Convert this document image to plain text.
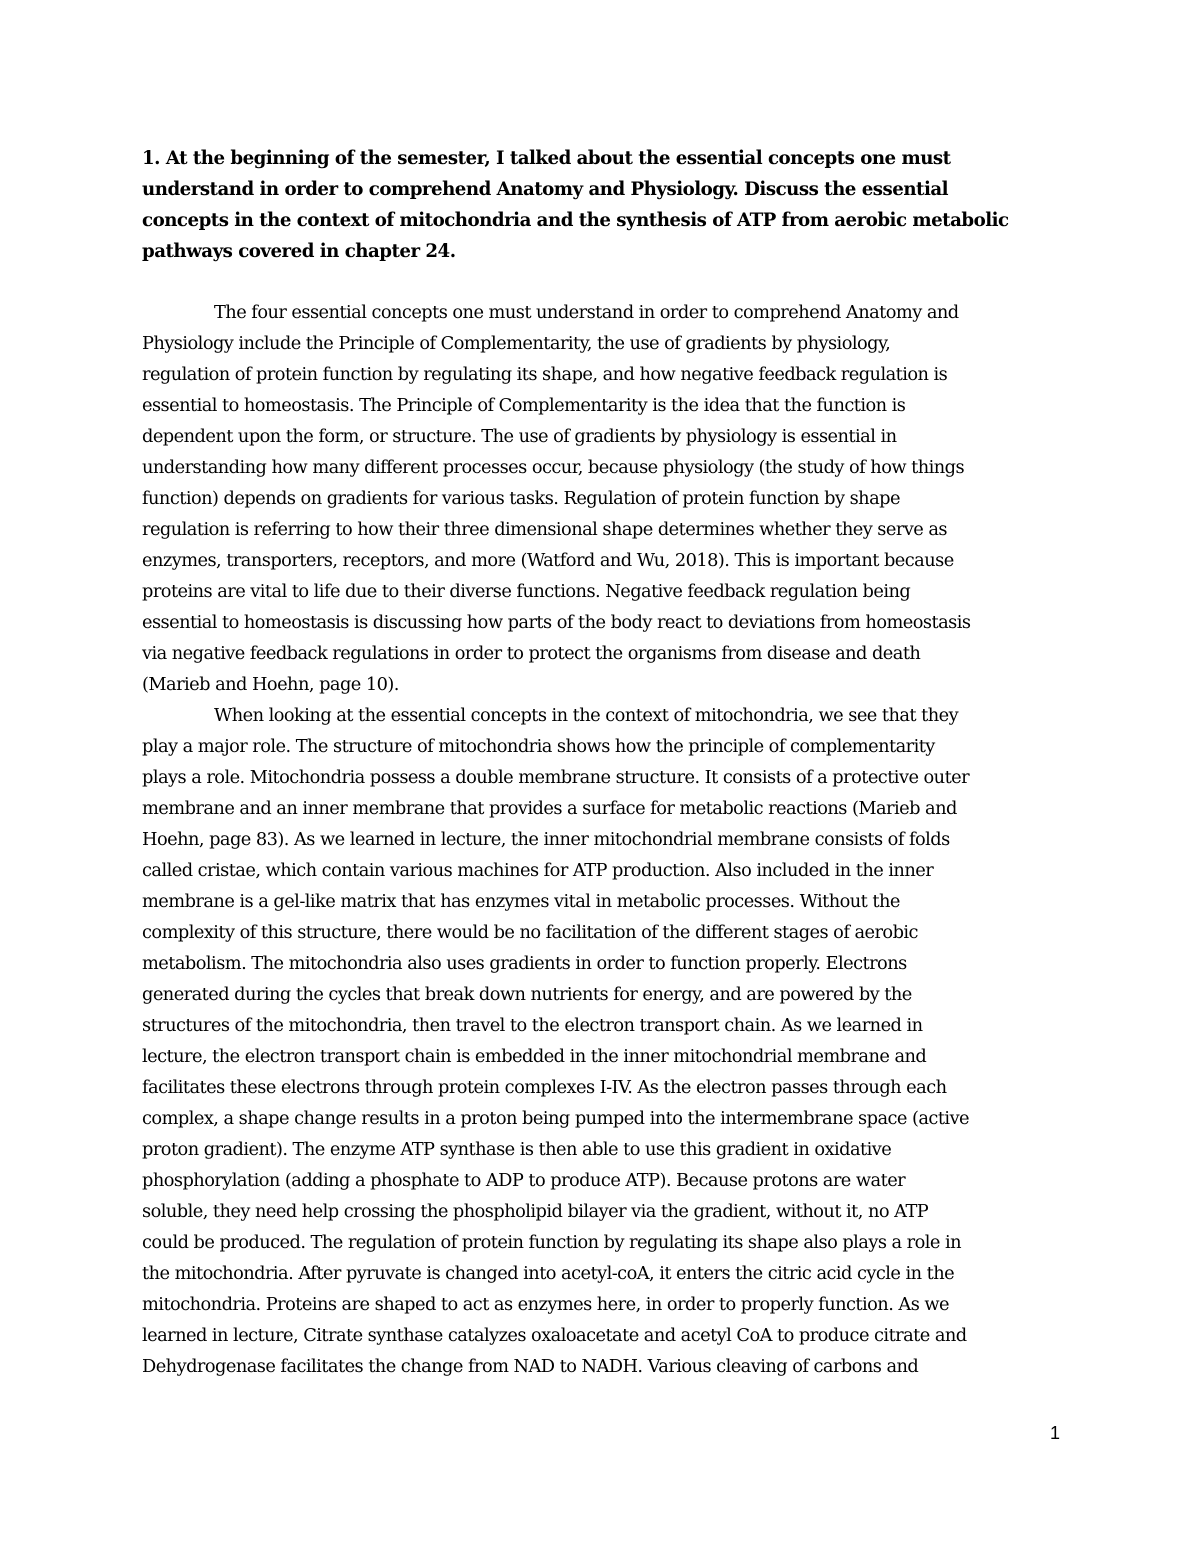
1. At the beginning of the semester, I talked about the essential concepts one must
understand in order to comprehend Anatomy and Physiology. Discuss the essential
concepts in the context of mitochondria and the synthesis of ATP from aerobic metabolic
pathways covered in chapter 24.
The four essential concepts one must understand in order to comprehend Anatomy and
Physiology include the Principle of Complementarity, the use of gradients by physiology,
regulation of protein function by regulating its shape, and how negative feedback regulation is
essential to homeostasis. The Principle of Complementarity is the idea that the function is
dependent upon the form, or structure. The use of gradients by physiology is essential in
understanding how many different processes occur, because physiology (the study of how things
function) depends on gradients for various tasks. Regulation of protein function by shape
regulation is referring to how their three dimensional shape determines whether they serve as
enzymes, transporters, receptors, and more (Watford and Wu, 2018). This is important because
proteins are vital to life due to their diverse functions. Negative feedback regulation being
essential to homeostasis is discussing how parts of the body react to deviations from homeostasis
via negative feedback regulations in order to protect the organisms from disease and death
(Marieb and Hoehn, page 10).
When looking at the essential concepts in the context of mitochondria, we see that they
play a major role. The structure of mitochondria shows how the principle of complementarity
plays a role. Mitochondria possess a double membrane structure. It consists of a protective outer
membrane and an inner membrane that provides a surface for metabolic reactions (Marieb and
Hoehn, page 83). As we learned in lecture, the inner mitochondrial membrane consists of folds
called cristae, which contain various machines for ATP production. Also included in the inner
membrane is a gel-like matrix that has enzymes vital in metabolic processes. Without the
complexity of this structure, there would be no facilitation of the different stages of aerobic
metabolism. The mitochondria also uses gradients in order to function properly. Electrons
generated during the cycles that break down nutrients for energy, and are powered by the
structures of the mitochondria, then travel to the electron transport chain. As we learned in
lecture, the electron transport chain is embedded in the inner mitochondrial membrane and
facilitates these electrons through protein complexes I-IV. As the electron passes through each
complex, a shape change results in a proton being pumped into the intermembrane space (active
proton gradient). The enzyme ATP synthase is then able to use this gradient in oxidative
phosphorylation (adding a phosphate to ADP to produce ATP). Because protons are water
soluble, they need help crossing the phospholipid bilayer via the gradient, without it, no ATP
could be produced. The regulation of protein function by regulating its shape also plays a role in
the mitochondria. After pyruvate is changed into acetyl-coA, it enters the citric acid cycle in the
mitochondria. Proteins are shaped to act as enzymes here, in order to properly function. As we
learned in lecture, Citrate synthase catalyzes oxaloacetate and acetyl CoA to produce citrate and
Dehydrogenase facilitates the change from NAD to NADH. Various cleaving of carbons and
1
